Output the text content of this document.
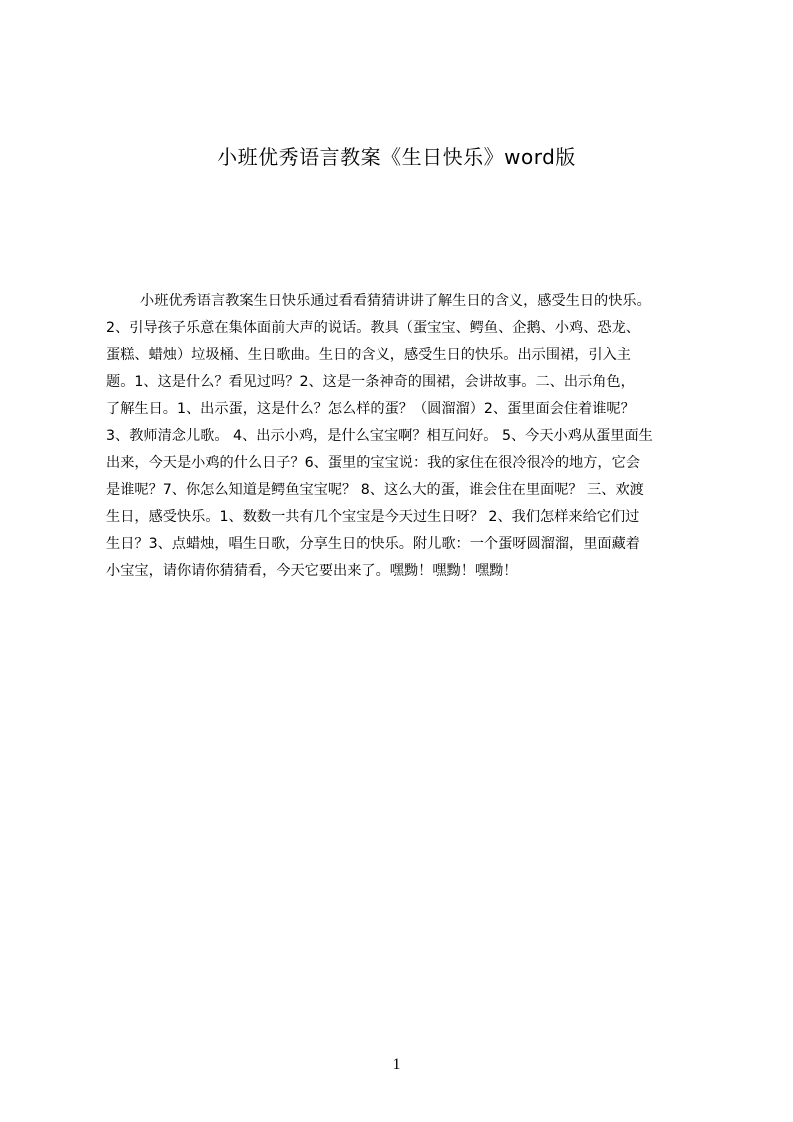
小班优秀语言教案《生日快乐》word版
小班优秀语言教案生日快乐通过看看猜猜讲讲了解生日的含义，感受生日的快乐。
2、引导孩子乐意在集体面前大声的说话。教具（蛋宝宝、鳄鱼、企鹅、小鸡、恐龙、
蛋糕、蜡烛）垃圾桶、生日歌曲。生日的含义，感受生日的快乐。出示围裙，引入主
题。1、这是什么？看见过吗？2、这是一条神奇的围裙，会讲故事。二、出示角色，
了解生日。1、出示蛋，这是什么？怎么样的蛋？（圆溜溜）2、蛋里面会住着谁呢？
3、教师清念儿歌。 4、出示小鸡，是什么宝宝啊？相互问好。 5、今天小鸡从蛋里面生
出来，今天是小鸡的什么日子？6、蛋里的宝宝说：我的家住在很冷很冷的地方，它会
是谁呢？7、你怎么知道是鳄鱼宝宝呢？ 8、这么大的蛋，谁会住在里面呢？ 三、欢渡
生日，感受快乐。1、数数一共有几个宝宝是今天过生日呀？ 2、我们怎样来给它们过
生日？3、点蜡烛，唱生日歌，分享生日的快乐。附儿歌：一个蛋呀圆溜溜，里面藏着
小宝宝，请你请你猜猜看，今天它要出来了。嘿黝！嘿黝！嘿黝！
1
